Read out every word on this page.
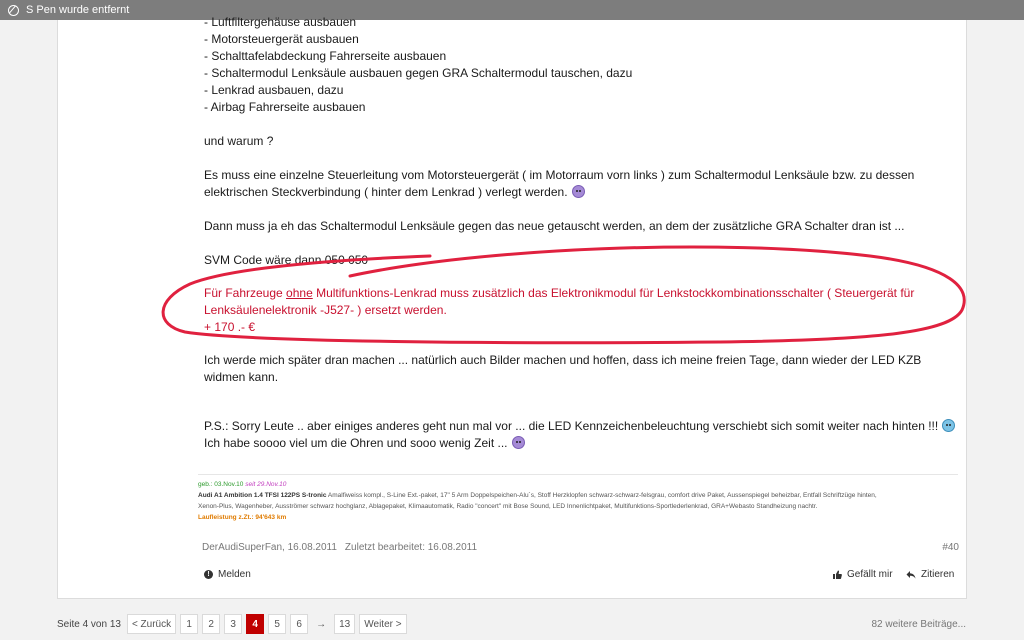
S Pen wurde entfernt
- Luftfiltergehäuse ausbauen
- Motorsteuergerät ausbauen
- Schalttafelabdeckung Fahrerseite ausbauen
- Schaltermodul Lenksäule ausbauen gegen GRA Schaltermodul tauschen, dazu
- Lenkrad ausbauen, dazu
- Airbag Fahrerseite ausbauen
und warum ?
Es muss eine einzelne Steuerleitung vom Motorsteuergerät ( im Motorraum vorn links ) zum Schaltermodul Lenksäule bzw. zu dessen
elektrischen Steckverbindung ( hinter dem Lenkrad ) verlegt werden.
Dann muss ja eh das Schaltermodul Lenksäule gegen das neue getauscht werden, an dem der zusätzliche GRA Schalter dran ist ...
SVM Code wäre dann 050 050
Für Fahrzeuge ohne Multifunktions-Lenkrad muss zusätzlich das Elektronikmodul für Lenkstockkombinationsschalter ( Steuergerät für
Lenksäulenelektronik -J527- ) ersetzt werden.
+ 170 .- €
Ich werde mich später dran machen ... natürlich auch Bilder machen und hoffen, dass ich meine freien Tage, dann wieder der LED KZB
widmen kann.
P.S.: Sorry Leute .. aber einiges anderes geht nun mal vor ... die LED Kennzeichenbeleuchtung verschiebt sich somit weiter nach hinten !!!
Ich habe soooo viel um die Ohren und sooo wenig Zeit ...
geb.: 03.Nov.10 seit 29.Nov.10
Audi A1 Ambition 1.4 TFSI 122PS S-tronic Amalfiweiss kompl., S-Line Ext.-paket, 17" 5 Arm Doppelspeichen-Alu´s, Stoff Herzklopfen schwarz-schwarz-felsgrau, comfort drive Paket, Aussenspiegel beheizbar, Entfall Schriftzüge hinten,
Xenon-Plus, Wagenheber, Ausströmer schwarz hochglanz, Ablagepaket, Klimaautomatik, Radio "concert" mit Bose Sound, LED Innenlichtpaket, Multifunktions-Sportlederlenkrad, GRA+Webasto Standheizung nachtr.
Laufleistung z.Zt.: 94'643 km
DerAudiSuperFan, 16.08.2011 Zuletzt bearbeitet: 16.08.2011	#40
! Melden	Gefällt mir	Zitieren
Seite 4 von 13	< Zurück	1	2	3	4	5	6	→	13	Weiter >	82 weitere Beiträge...
